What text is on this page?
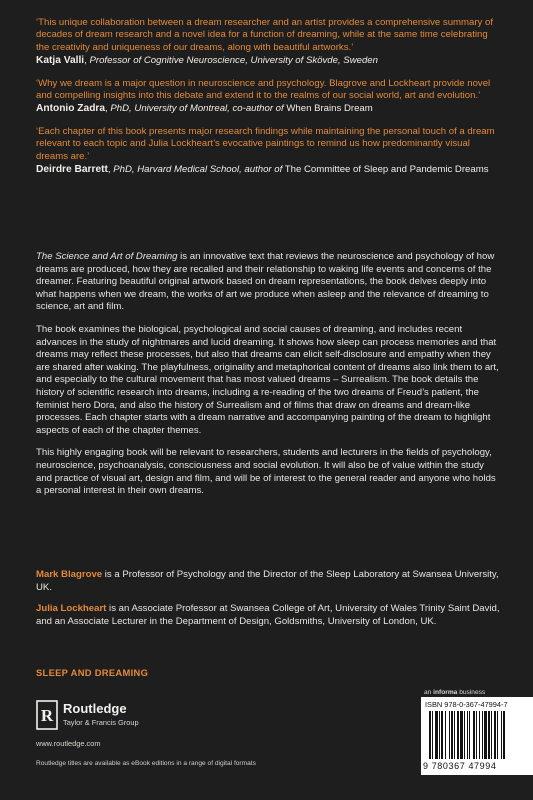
‘This unique collaboration between a dream researcher and an artist provides a comprehensive summary of decades of dream research and a novel idea for a function of dreaming, while at the same time celebrating the creativity and uniqueness of our dreams, along with beautiful artworks.’
Katja Valli, Professor of Cognitive Neuroscience, University of Skövde, Sweden
‘Why we dream is a major question in neuroscience and psychology. Blagrove and Lockheart provide novel and compelling insights into this debate and extend it to the realms of our social world, art and evolution.’
Antonio Zadra, PhD, University of Montreal, co-author of When Brains Dream
‘Each chapter of this book presents major research findings while maintaining the personal touch of a dream relevant to each topic and Julia Lockheart’s evocative paintings to remind us how predominantly visual dreams are.’
Deirdre Barrett, PhD, Harvard Medical School, author of The Committee of Sleep and Pandemic Dreams

The Science and Art of Dreaming is an innovative text that reviews the neuroscience and psychology of how dreams are produced, how they are recalled and their relationship to waking life events and concerns of the dreamer. Featuring beautiful original artwork based on dream representations, the book delves deeply into what happens when we dream, the works of art we produce when asleep and the relevance of dreaming to science, art and film.

The book examines the biological, psychological and social causes of dreaming, and includes recent advances in the study of nightmares and lucid dreaming. It shows how sleep can process memories and that dreams may reflect these processes, but also that dreams can elicit self-disclosure and empathy when they are shared after waking. The playfulness, originality and metaphorical content of dreams also link them to art, and especially to the cultural movement that has most valued dreams – Surrealism. The book details the history of scientific research into dreams, including a re-reading of the two dreams of Freud’s patient, the feminist hero Dora, and also the history of Surrealism and of films that draw on dreams and dream-like processes. Each chapter starts with a dream narrative and accompanying painting of the dream to highlight aspects of each of the chapter themes.

This highly engaging book will be relevant to researchers, students and lecturers in the fields of psychology, neuroscience, psychoanalysis, consciousness and social evolution. It will also be of value within the study and practice of visual art, design and film, and will be of interest to the general reader and anyone who holds a personal interest in their own dreams.

Mark Blagrove is a Professor of Psychology and the Director of the Sleep Laboratory at Swansea University, UK.

Julia Lockheart is an Associate Professor at Swansea College of Art, University of Wales Trinity Saint David, and an Associate Lecturer in the Department of Design, Goldsmiths, University of London, UK.

SLEEP AND DREAMING
an informa business
R Routledge
Taylor & Francis Group
www.routledge.com
Routledge titles are available as eBook editions in a range of digital formats
ISBN 978-0-367-47994-7
9 780367 47994
